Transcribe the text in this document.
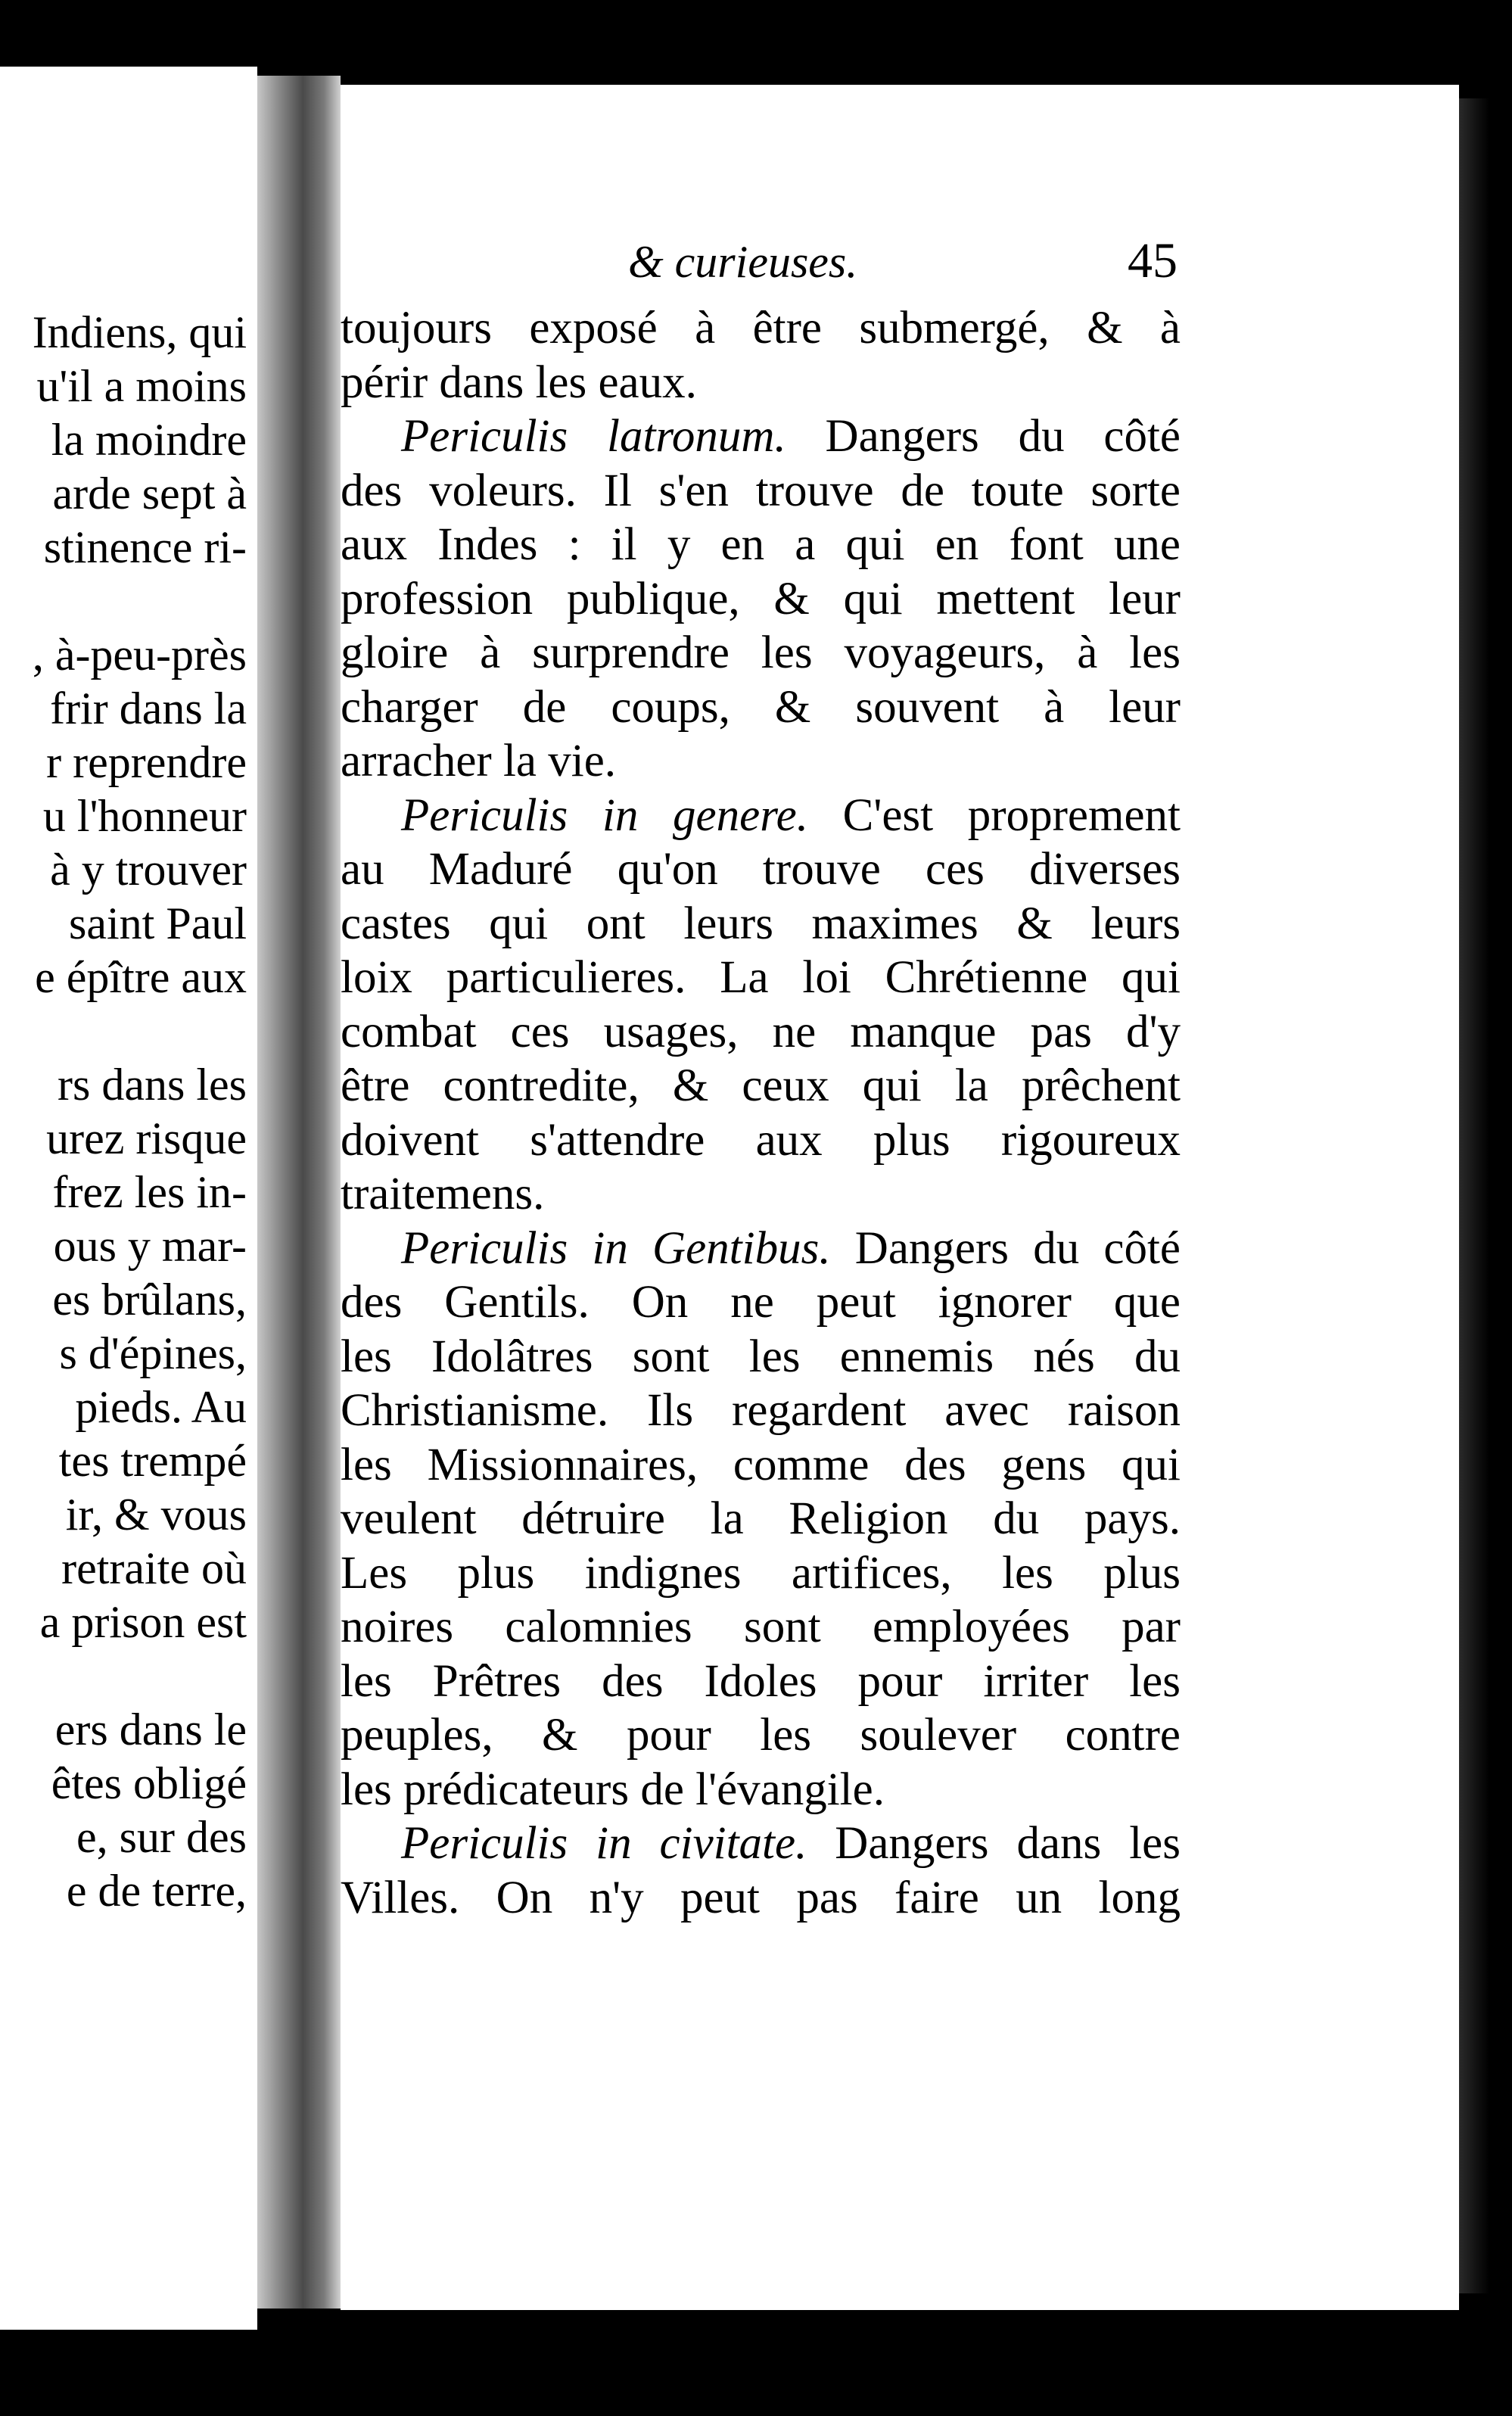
Indiens, qui
u'il a moins
la moindre
arde sept à
stinence ri-
, à-peu-près
frir dans la
r reprendre
u l'honneur
à y trouver
saint Paul
e épître aux
rs dans les
urez risque
frez les in-
ous y mar-
es brûlans,
s d'épines,
pieds. Au
tes trempé
ir, & vous
retraite où
a prison est
ers dans le
êtes obligé
e, sur des
e de terre,
& curieuses.	45
toujours exposé à être submergé, & à
périr dans les eaux.
Periculis latronum. Dangers du côté
des voleurs. Il s'en trouve de toute sorte
aux Indes : il y en a qui en font une
profession publique, & qui mettent leur
gloire à surprendre les voyageurs, à les
charger de coups, & souvent à leur
arracher la vie.
Periculis in genere. C'est proprement
au Maduré qu'on trouve ces diverses
castes qui ont leurs maximes & leurs
loix particulieres. La loi Chrétienne qui
combat ces usages, ne manque pas d'y
être contredite, & ceux qui la prêchent
doivent s'attendre aux plus rigoureux
traitemens.
Periculis in Gentibus. Dangers du côté
des Gentils. On ne peut ignorer que
les Idolâtres sont les ennemis nés du
Christianisme. Ils regardent avec raison
les Missionnaires, comme des gens qui
veulent détruire la Religion du pays.
Les plus indignes artifices, les plus
noires calomnies sont employées par
les Prêtres des Idoles pour irriter les
peuples, & pour les soulever contre
les prédicateurs de l'évangile.
Periculis in civitate. Dangers dans les
Villes. On n'y peut pas faire un long
